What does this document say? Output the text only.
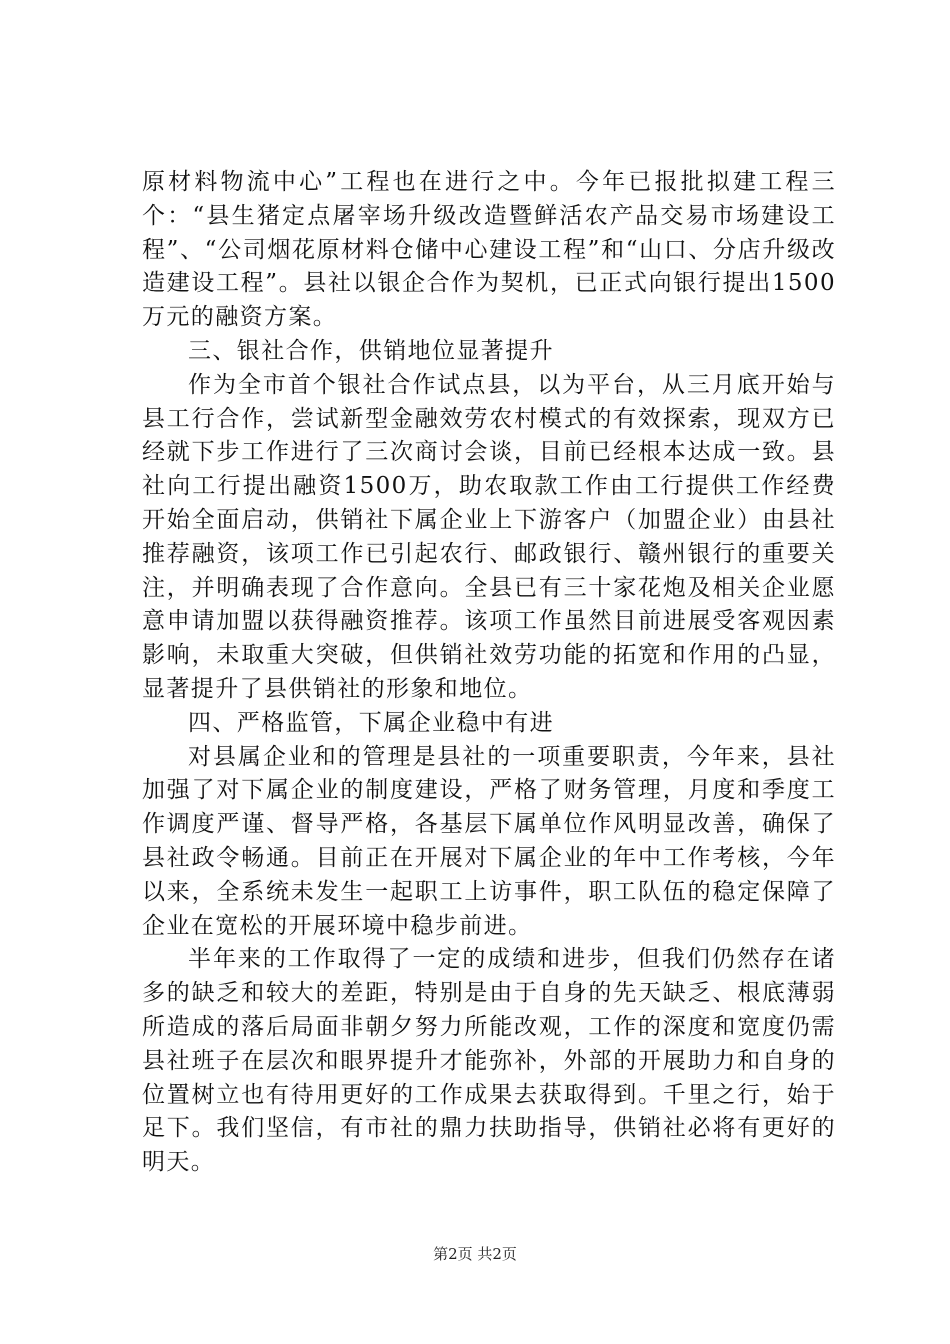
原材料物流中心”工程也在进行之中。今年已报批拟建工程三个：“县生猪定点屠宰场升级改造暨鲜活农产品交易市场建设工程”、“公司烟花原材料仓储中心建设工程”和“山口、分店升级改造建设工程”。县社以银企合作为契机，已正式向银行提出1500万元的融资方案。

三、银社合作，供销地位显著提升

作为全市首个银社合作试点县，以为平台，从三月底开始与县工行合作，尝试新型金融效劳农村模式的有效探索，现双方已经就下步工作进行了三次商讨会谈，目前已经根本达成一致。县社向工行提出融资1500万，助农取款工作由工行提供工作经费开始全面启动，供销社下属企业上下游客户（加盟企业）由县社推荐融资，该项工作已引起农行、邮政银行、赣州银行的重要关注，并明确表现了合作意向。全县已有三十家花炮及相关企业愿意申请加盟以获得融资推荐。该项工作虽然目前进展受客观因素影响，未取重大突破，但供销社效劳功能的拓宽和作用的凸显，显著提升了县供销社的形象和地位。

四、严格监管，下属企业稳中有进

对县属企业和的管理是县社的一项重要职责，今年来，县社加强了对下属企业的制度建设，严格了财务管理，月度和季度工作调度严谨、督导严格，各基层下属单位作风明显改善，确保了县社政令畅通。目前正在开展对下属企业的年中工作考核，今年以来，全系统未发生一起职工上访事件，职工队伍的稳定保障了企业在宽松的开展环境中稳步前进。

半年来的工作取得了一定的成绩和进步，但我们仍然存在诸多的缺乏和较大的差距，特别是由于自身的先天缺乏、根底薄弱所造成的落后局面非朝夕努力所能改观，工作的深度和宽度仍需县社班子在层次和眼界提升才能弥补，外部的开展助力和自身的位置树立也有待用更好的工作成果去获取得到。千里之行，始于足下。我们坚信，有市社的鼎力扶助指导，供销社必将有更好的明天。

第2页 共2页
